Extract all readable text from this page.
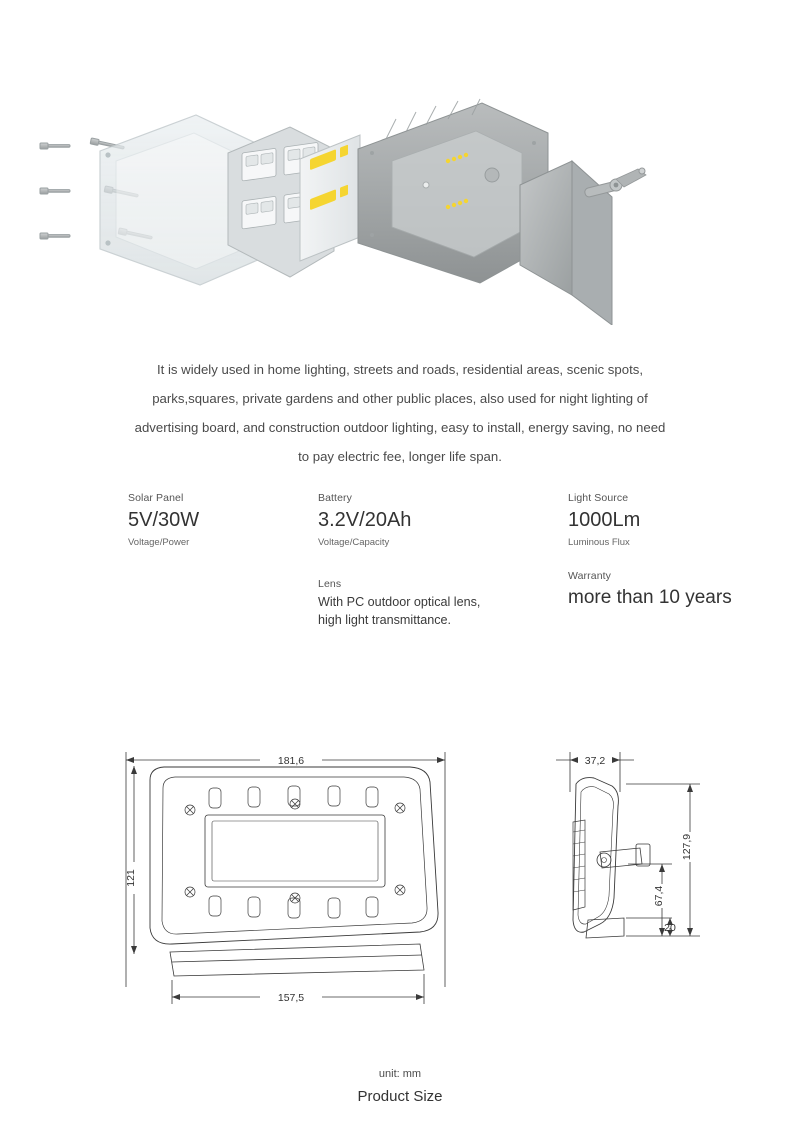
It is widely used in home lighting, streets and roads, residential areas, scenic spots,
parks,squares, private gardens and other public places, also used for night lighting of
advertising board, and construction outdoor lighting, easy to install, energy saving, no need
to pay electric fee, longer life span.
Solar Panel
5V/30W
Voltage/Power
Battery
3.2V/20Ah
Voltage/Capacity
Lens
With PC outdoor optical lens,
high light transmittance.
Light Source
1000Lm
Luminous Flux
Warranty
more than 10 years
181,6
121
157,5
37,2
127,9
67,4
20
unit: mm
Product Size
